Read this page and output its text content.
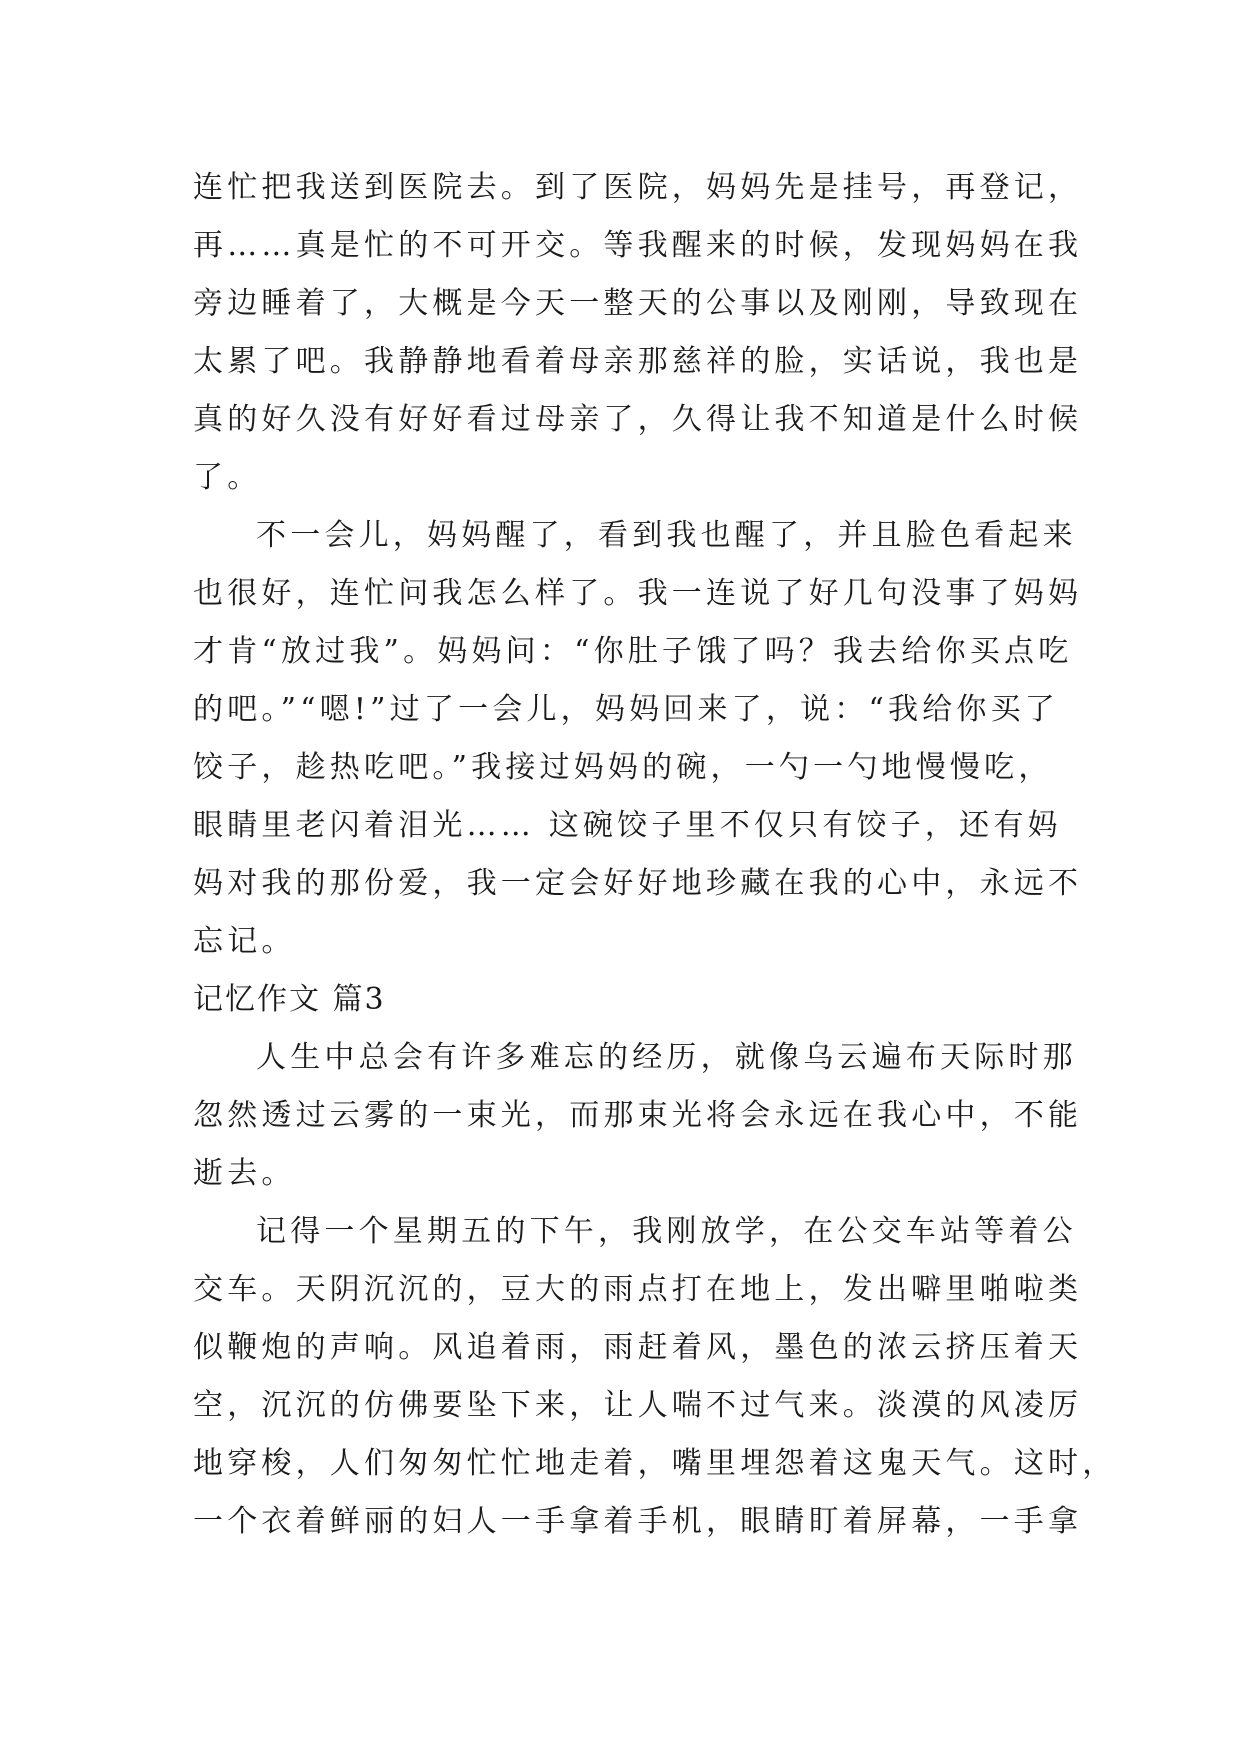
连忙把我送到医院去。到了医院，妈妈先是挂号，再登记，
再……真是忙的不可开交。等我醒来的时候，发现妈妈在我
旁边睡着了，大概是今天一整天的公事以及刚刚，导致现在
太累了吧。我静静地看着母亲那慈祥的脸，实话说，我也是
真的好久没有好好看过母亲了，久得让我不知道是什么时候
了。
不一会儿，妈妈醒了，看到我也醒了，并且脸色看起来
也很好，连忙问我怎么样了。我一连说了好几句没事了妈妈
才肯“放过我”。妈妈问：“你肚子饿了吗？我去给你买点吃
的吧。”“嗯!”过了一会儿，妈妈回来了，说：“我给你买了
饺子，趁热吃吧。”我接过妈妈的碗，一勺一勺地慢慢吃，
眼睛里老闪着泪光…… 这碗饺子里不仅只有饺子，还有妈
妈对我的那份爱，我一定会好好地珍藏在我的心中，永远不
忘记。
记忆作文 篇3
人生中总会有许多难忘的经历，就像乌云遍布天际时那
忽然透过云雾的一束光，而那束光将会永远在我心中，不能
逝去。
记得一个星期五的下午，我刚放学，在公交车站等着公
交车。天阴沉沉的，豆大的雨点打在地上，发出噼里啪啦类
似鞭炮的声响。风追着雨，雨赶着风，墨色的浓云挤压着天
空，沉沉的仿佛要坠下来，让人喘不过气来。淡漠的风凌厉
地穿梭，人们匆匆忙忙地走着，嘴里埋怨着这鬼天气。这时，
一个衣着鲜丽的妇人一手拿着手机，眼睛盯着屏幕，一手拿
